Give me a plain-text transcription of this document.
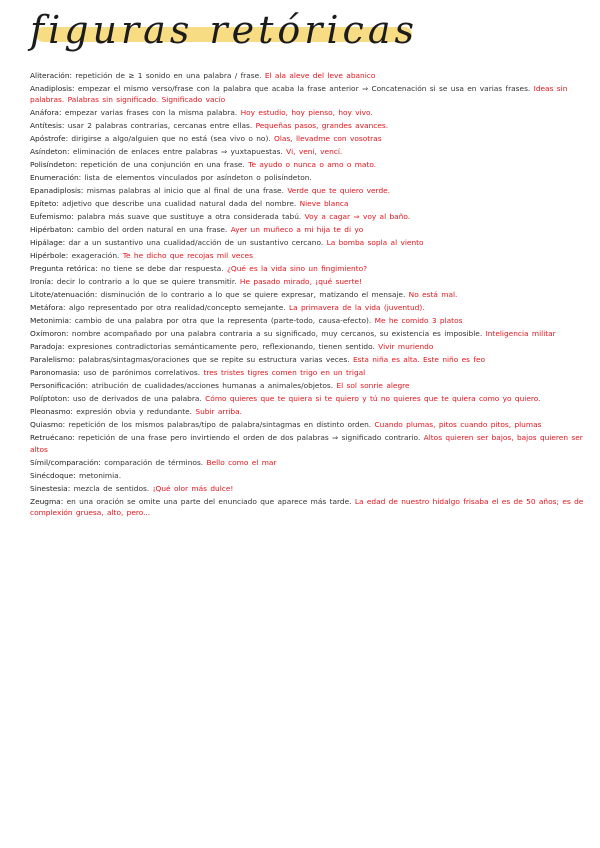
figuras retóricas

Aliteración: repetición de ≥ 1 sonido en una palabra / frase. El ala aleve del leve abanico

Anadiplosis: empezar el mismo verso/frase con la palabra que acaba la frase anterior ⇒ Concatenación si se usa en varias frases. Ideas sin palabras. Palabras sin significado. Significado vacío

Anáfora: empezar varias frases con la misma palabra. Hoy estudio, hoy pienso, hoy vivo.

Antítesis: usar 2 palabras contrarias, cercanas entre ellas. Pequeñas pasos, grandes avances.

Apóstrofe: dirigirse a algo/alguien que no está (sea vivo o no). Olas, llevadme con vosotras

Asíndeton: eliminación de enlaces entre palabras ⇒ yuxtapuestas. Vi, vení, vencí.

Polisíndeton: repetición de una conjunción en una frase. Te ayudo o nunca o amo o mato.

Enumeración: lista de elementos vinculados por asíndeton o polisíndeton.

Epanadiplosis: mismas palabras al inicio que al final de una frase. Verde que te quiero verde.

Epíteto: adjetivo que describe una cualidad natural dada del nombre. Nieve blanca

Eufemismo: palabra más suave que sustituye a otra considerada tabú. Voy a cagar ⇒ voy al baño.

Hipérbaton: cambio del orden natural en una frase. Ayer un muñeco a mi hija te di yo

Hipálage: dar a un sustantivo una cualidad/acción de un sustantivo cercano. La bomba sopla al viento

Hipérbole: exageración. Te he dicho que recojas mil veces

Pregunta retórica: no tiene se debe dar respuesta. ¿Qué es la vida sino un fingimiento?

Ironía: decir lo contrario a lo que se quiere transmitir. He pasado mirado, ¡qué suerte!

Litote/atenuación: disminución de lo contrario a lo que se quiere expresar, matizando el mensaje. No está mal.

Metáfora: algo representado por otra realidad/concepto semejante. La primavera de la vida (juventud).

Metonimia: cambio de una palabra por otra que la representa (parte-todo, causa-efecto). Me he comido 3 platos

Oxímoron: nombre acompañado por una palabra contraria a su significado, muy cercanos, su existencia es imposible. Inteligencia militar

Paradoja: expresiones contradictorias semánticamente pero, reflexionando, tienen sentido. Vivir muriendo

Paralelismo: palabras/sintagmas/oraciones que se repite su estructura varias veces. Esta niña es alta. Este niño es feo

Paronomasia: uso de parónimos correlativos. tres tristes tigres comen trigo en un trigal

Personificación: atribución de cualidades/acciones humanas a animales/objetos. El sol sonrie alegre

Políptoton: uso de derivados de una palabra. Cómo quieres que te quiera si te quiero y tú no quieres que te quiera como yo quiero.

Pleonasmo: expresión obvia y redundante. Subir arriba.

Quiasmo: repetición de los mismos palabras/tipo de palabra/sintagmas en distinto orden. Cuando plumas, pitos cuando pitos, plumas

Retruécano: repetición de una frase pero invirtiendo el orden de dos palabras ⇒ significado contrario. Altos quieren ser bajos, bajos quieren ser altos

Símil/comparación: comparación de términos. Bello como el mar

Sinécdoque: metonimia.

Sinestesia: mezcla de sentidos. ¡Qué olor más dulce!

Zeugma: en una oración se omite una parte del enunciado que aparece más tarde. La edad de nuestro hidalgo frisaba el es de 50 años; es de complexión gruesa, alto, pero...
